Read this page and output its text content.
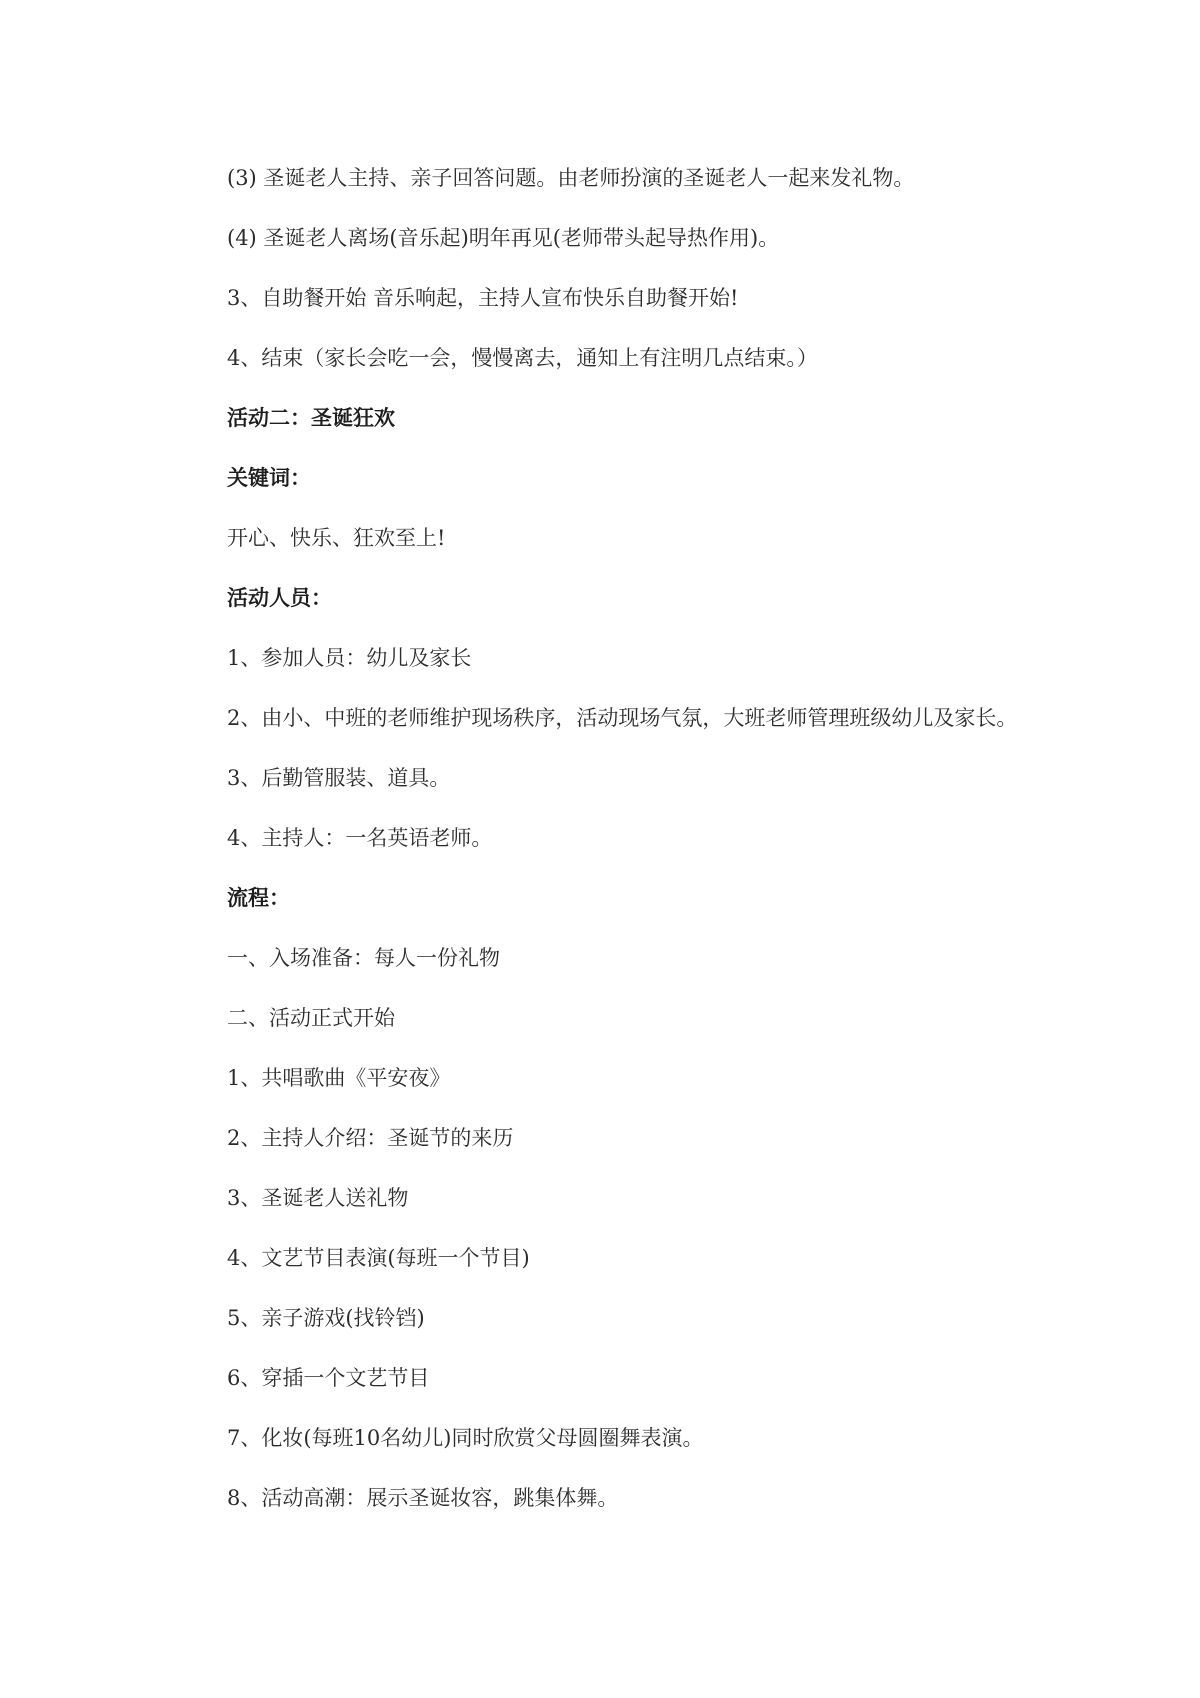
(3) 圣诞老人主持、亲子回答问题。由老师扮演的圣诞老人一起来发礼物。
(4) 圣诞老人离场(音乐起)明年再见(老师带头起导热作用)。
3、自助餐开始 音乐响起，主持人宣布快乐自助餐开始!
4、结束（家长会吃一会，慢慢离去，通知上有注明几点结束。）
活动二：圣诞狂欢
关键词：
开心、快乐、狂欢至上!
活动人员：
1、参加人员：幼儿及家长
2、由小、中班的老师维护现场秩序，活动现场气氛，大班老师管理班级幼儿及家长。
3、后勤管服装、道具。
4、主持人：一名英语老师。
流程：
一、入场准备：每人一份礼物
二、活动正式开始
1、共唱歌曲《平安夜》
2、主持人介绍：圣诞节的来历
3、圣诞老人送礼物
4、文艺节目表演(每班一个节目)
5、亲子游戏(找铃铛)
6、穿插一个文艺节目
7、化妆(每班10名幼儿)同时欣赏父母圆圈舞表演。
8、活动高潮：展示圣诞妆容，跳集体舞。
